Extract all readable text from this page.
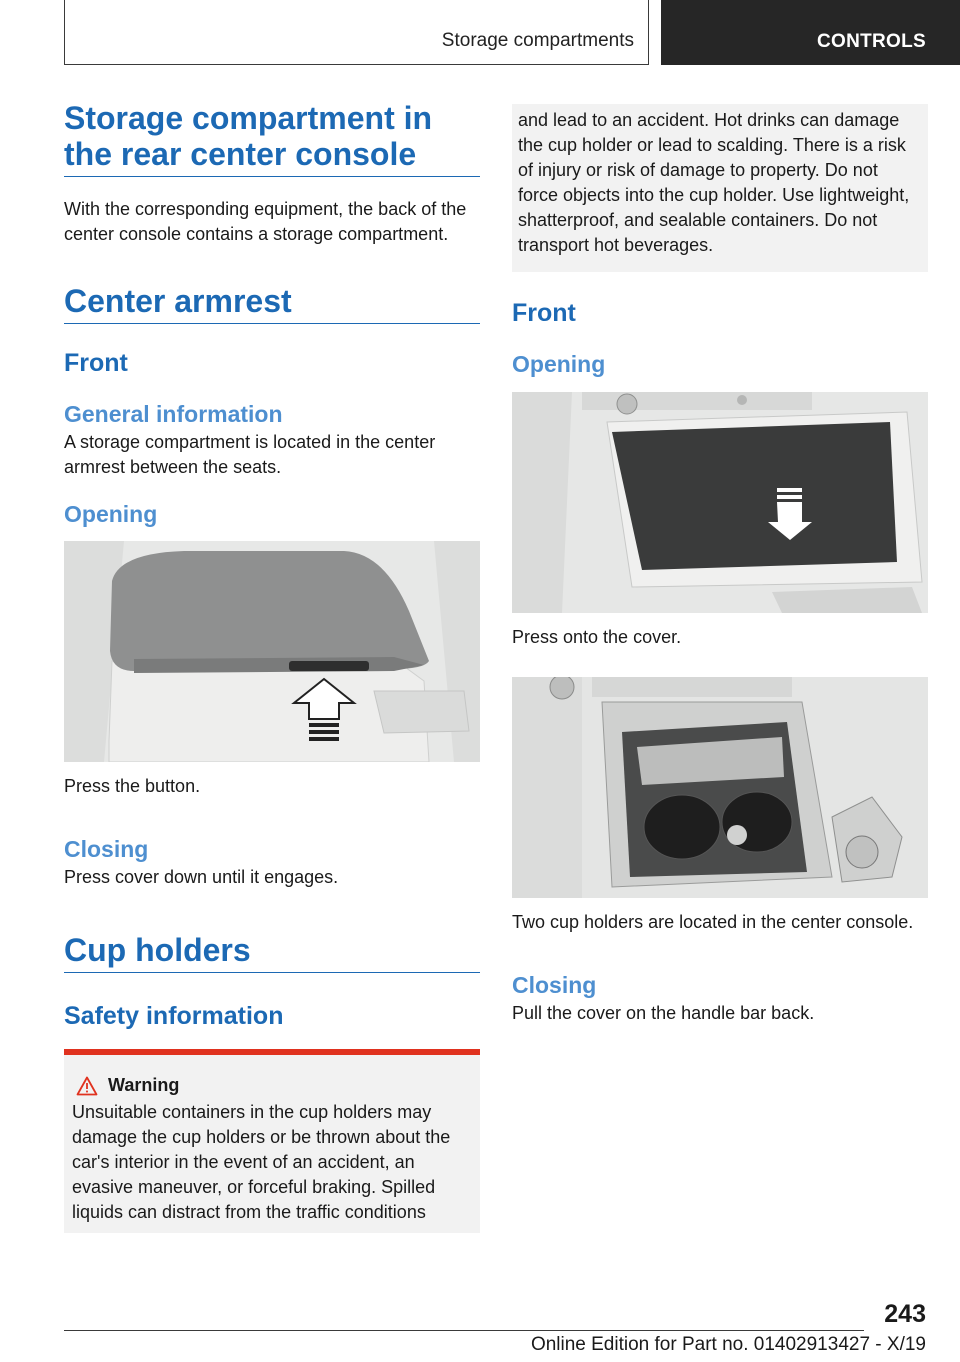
Storage compartments	CONTROLS
Storage compartment in the rear center console

With the corresponding equipment, the back of the center console contains a storage compartment.

Center armrest
Front
General information

A storage compartment is located in the center armrest between the seats.

Opening

Press the button.

Closing

Press cover down until it engages.

Cup holders
Safety information
Warning

Unsuitable containers in the cup holders may damage the cup holders or be thrown about the car's interior in the event of an accident, an evasive maneuver, or forceful braking. Spilled liquids can distract from the traffic conditions

and lead to an accident. Hot drinks can damage the cup holder or lead to scalding. There is a risk of injury or risk of damage to property. Do not force objects into the cup holder. Use lightweight, shatterproof, and sealable containers. Do not transport hot beverages.

Front
Opening

Press onto the cover.

Two cup holders are located in the center console.

Closing

Pull the cover on the handle bar back.

243
Online Edition for Part no. 01402913427 - X/19
